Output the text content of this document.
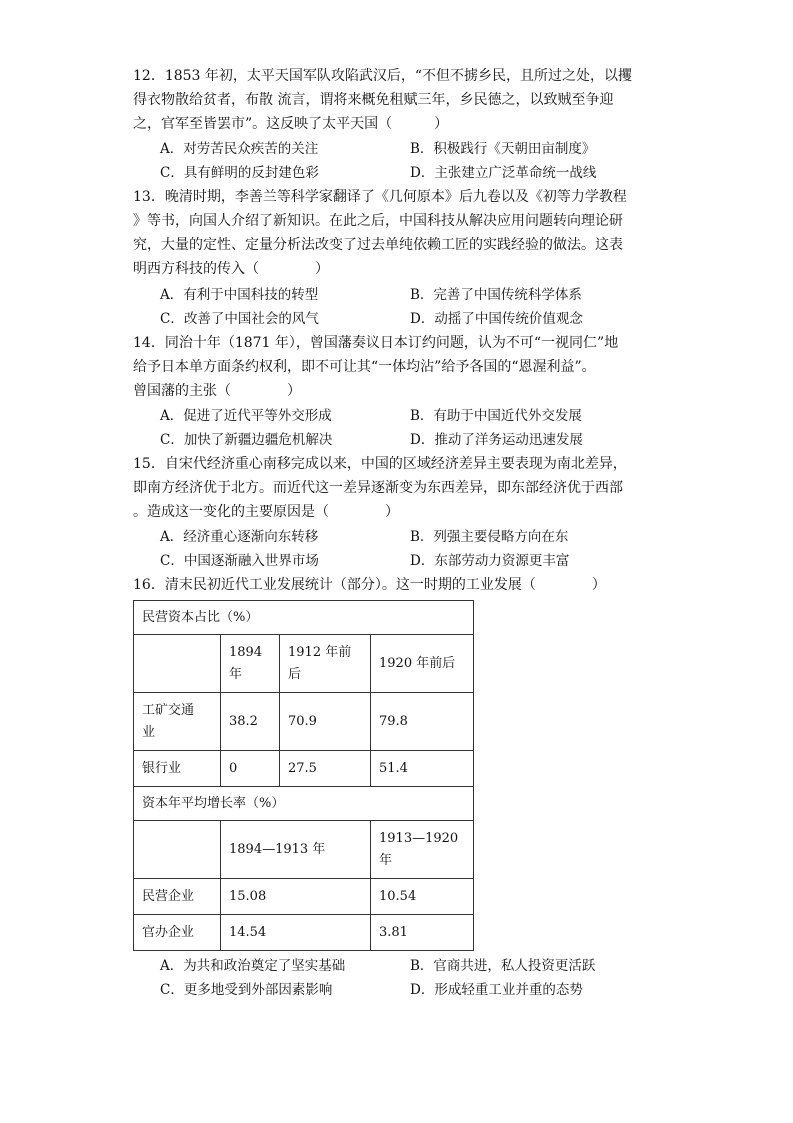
12．1853 年初，太平天国军队攻陷武汉后，“不但不掳乡民，且所过之处，以攫
得衣物散给贫者，布散 流言，谓将来概免租赋三年，乡民德之，以致贼至争迎
之，官军至皆罢市”。这反映了太平天国（　　　）
A．对劳苦民众疾苦的关注	B．积极践行《天朝田亩制度》
C．具有鲜明的反封建色彩	D．主张建立广泛革命统一战线
13．晚清时期，李善兰等科学家翻译了《几何原本》后九卷以及《初等力学教程
》等书，向国人介绍了新知识。在此之后，中国科技从解决应用问题转向理论研
究，大量的定性、定量分析法改变了过去单纯依赖工匠的实践经验的做法。这表
明西方科技的传入（　　　　）
A．有利于中国科技的转型	B．完善了中国传统科学体系
C．改善了中国社会的风气	D．动摇了中国传统价值观念
14．同治十年（1871 年），曾国藩奏议日本订约问题，认为不可“一视同仁”地
给予日本单方面条约权利，即不可让其“一体均沾”给予各国的“恩渥利益”。
曾国藩的主张（　　　　）
A．促进了近代平等外交形成	B．有助于中国近代外交发展
C．加快了新疆边疆危机解决	D．推动了洋务运动迅速发展
15．自宋代经济重心南移完成以来，中国的区域经济差异主要表现为南北差异，
即南方经济优于北方。而近代这一差异逐渐变为东西差异，即东部经济优于西部
。造成这一变化的主要原因是（　　　　）
A．经济重心逐渐向东转移	B．列强主要侵略方向在东
C．中国逐渐融入世界市场	D．东部劳动力资源更丰富
16．清末民初近代工业发展统计（部分）。这一时期的工业发展（　　　　）
民营资本占比（%）			
	1894
年	1912 年前
后	1920 年前后
工矿交通
业	38.2	70.9	79.8
银行业	0	27.5	51.4
资本年平均增长率（%）			
	1894—1913 年		1913—1920
年
民营企业	15.08		10.54
官办企业	14.54		3.81
A．为共和政治奠定了坚实基础	B．官商共进，私人投资更活跃
C．更多地受到外部因素影响	D．形成轻重工业并重的态势
